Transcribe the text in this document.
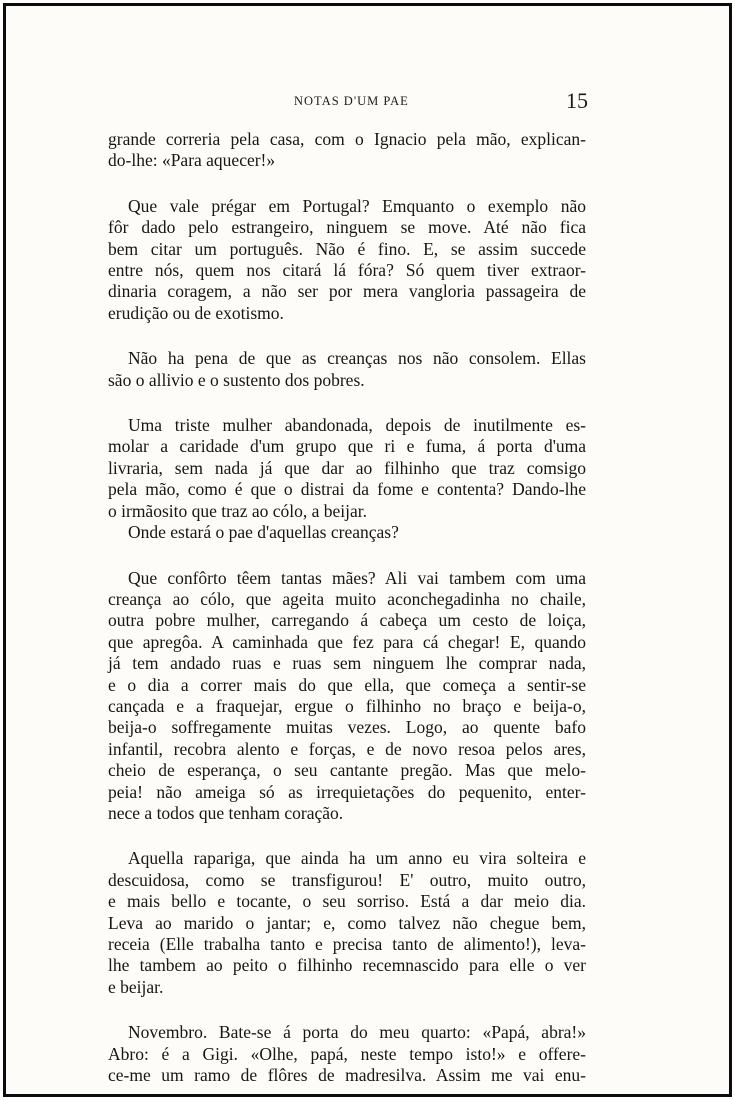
NOTAS D'UM PAE	15

grande correria pela casa, com o Ignacio pela mão, explican-
do-lhe: «Para aquecer!»

Que vale prégar em Portugal? Emquanto o exemplo não
fôr dado pelo estrangeiro, ninguem se move. Até não fica
bem citar um português. Não é fino. E, se assim succede
entre nós, quem nos citará lá fóra? Só quem tiver extraor-
dinaria coragem, a não ser por mera vangloria passageira de
erudição ou de exotismo.

Não ha pena de que as creanças nos não consolem. Ellas
são o allivio e o sustento dos pobres.

Uma triste mulher abandonada, depois de inutilmente es-
molar a caridade d'um grupo que ri e fuma, á porta d'uma
livraria, sem nada já que dar ao filhinho que traz comsigo
pela mão, como é que o distrai da fome e contenta? Dando-lhe
o irmãosito que traz ao cólo, a beijar.

Onde estará o pae d'aquellas creanças?

Que confôrto têem tantas mães? Ali vai tambem com uma
creança ao cólo, que ageita muito aconchegadinha no chaile,
outra pobre mulher, carregando á cabeça um cesto de loiça,
que apregôa. A caminhada que fez para cá chegar! E, quando
já tem andado ruas e ruas sem ninguem lhe comprar nada,
e o dia a correr mais do que ella, que começa a sentir-se
cançada e a fraquejar, ergue o filhinho no braço e beija-o,
beija-o soffregamente muitas vezes. Logo, ao quente bafo
infantil, recobra alento e forças, e de novo resoa pelos ares,
cheio de esperança, o seu cantante pregão. Mas que melo-
peia! não ameiga só as irrequietações do pequenito, enter-
nece a todos que tenham coração.

Aquella rapariga, que ainda ha um anno eu vira solteira e
descuidosa, como se transfigurou! E' outro, muito outro,
e mais bello e tocante, o seu sorriso. Está a dar meio dia.
Leva ao marido o jantar; e, como talvez não chegue bem,
receia (Elle trabalha tanto e precisa tanto de alimento!), leva-
lhe tambem ao peito o filhinho recemnascido para elle o ver
e beijar.

Novembro. Bate-se á porta do meu quarto: «Papá, abra!»
Abro: é a Gigi. «Olhe, papá, neste tempo isto!» e offere-
ce-me um ramo de flôres de madresilva. Assim me vai enu-
